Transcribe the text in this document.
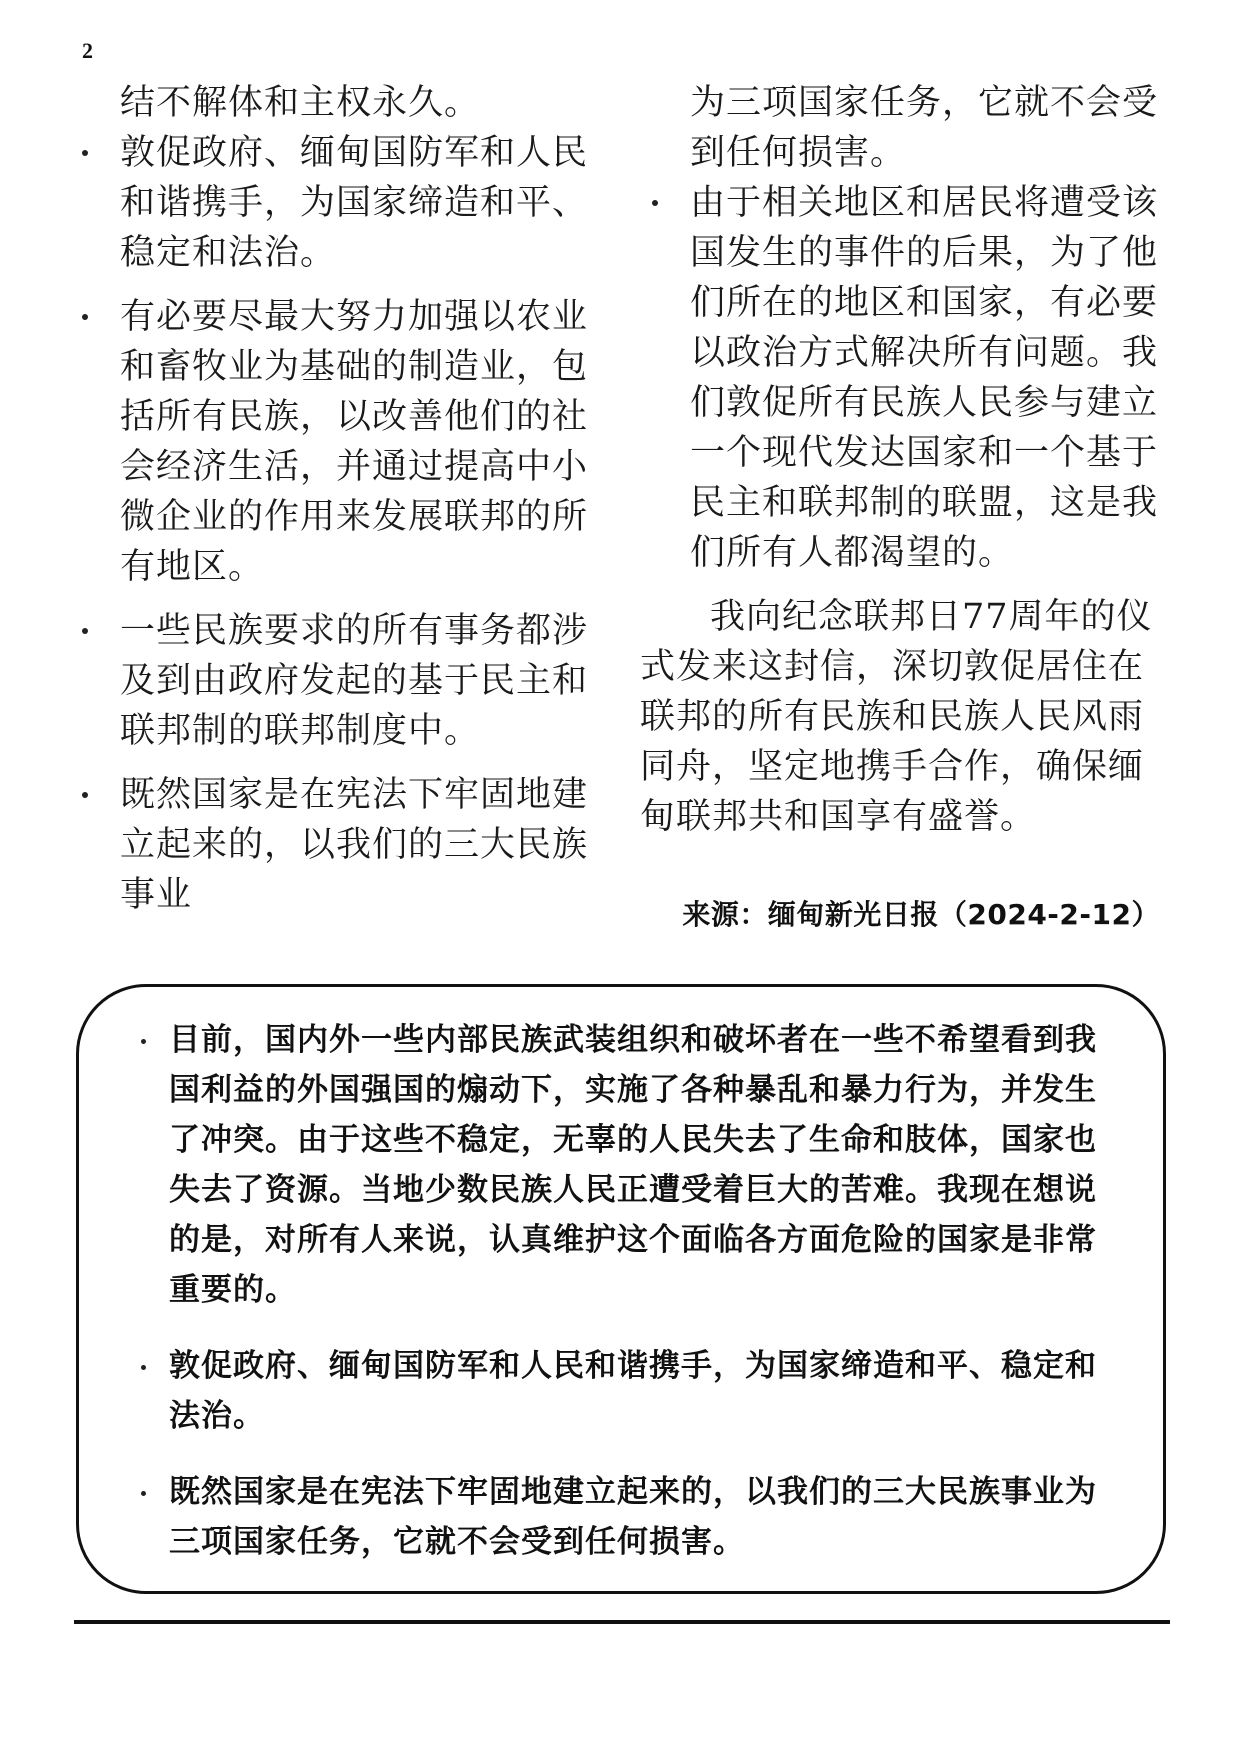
2

结不解体和主权永久。

敦促政府、缅甸国防军和人民和谐携手，为国家缔造和平、稳定和法治。

有必要尽最大努力加强以农业和畜牧业为基础的制造业，包括所有民族，以改善他们的社会经济生活，并通过提高中小微企业的作用来发展联邦的所有地区。

一些民族要求的所有事务都涉及到由政府发起的基于民主和联邦制的联邦制度中。

既然国家是在宪法下牢固地建立起来的，以我们的三大民族事业

为三项国家任务，它就不会受到任何损害。

由于相关地区和居民将遭受该国发生的事件的后果，为了他们所在的地区和国家，有必要以政治方式解决所有问题。我们敦促所有民族人民参与建立一个现代发达国家和一个基于民主和联邦制的联盟，这是我们所有人都渴望的。

我向纪念联邦日77周年的仪式发来这封信，深切敦促居住在联邦的所有民族和民族人民风雨同舟，坚定地携手合作，确保缅甸联邦共和国享有盛誉。

来源：缅甸新光日报（2024-2-12）
目前，国内外一些内部民族武装组织和破坏者在一些不希望看到我国利益的外国强国的煽动下，实施了各种暴乱和暴力行为，并发生了冲突。由于这些不稳定，无辜的人民失去了生命和肢体，国家也失去了资源。当地少数民族人民正遭受着巨大的苦难。我现在想说的是，对所有人来说，认真维护这个面临各方面危险的国家是非常重要的。
敦促政府、缅甸国防军和人民和谐携手，为国家缔造和平、稳定和法治。
既然国家是在宪法下牢固地建立起来的，以我们的三大民族事业为三项国家任务，它就不会受到任何损害。
